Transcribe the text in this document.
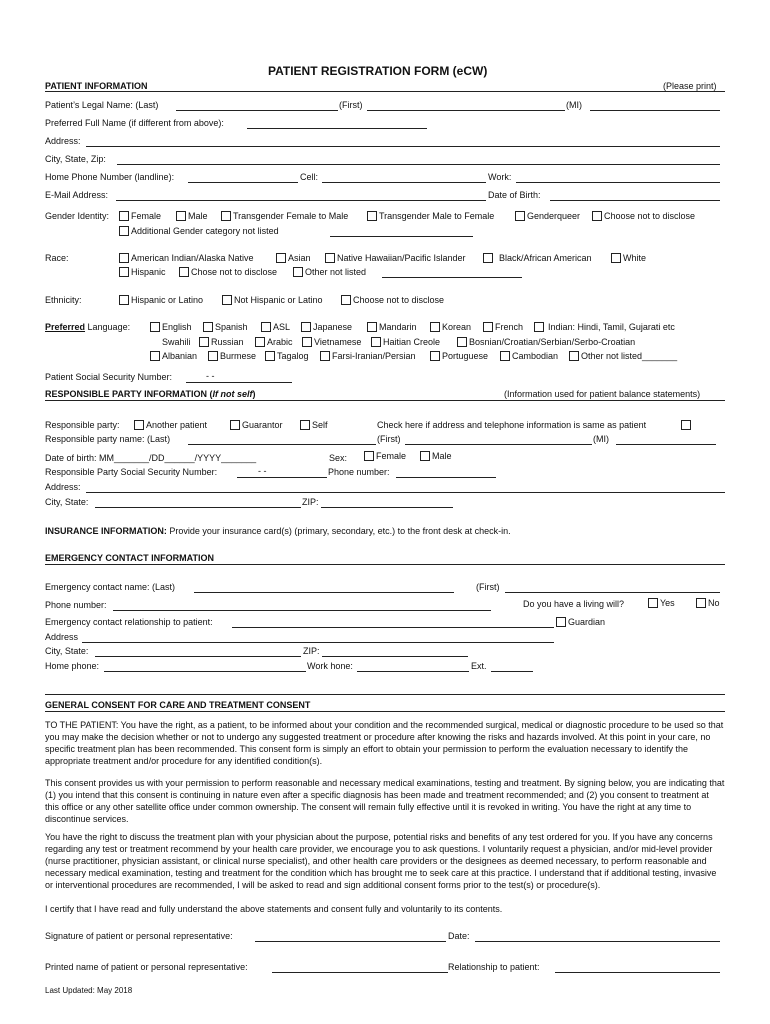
PATIENT REGISTRATION FORM (eCW)
PATIENT INFORMATION	(Please print)
Patient’s Legal Name: (Last)	(First)	(MI)
Preferred Full Name (if different from above):
Address:
City, State, Zip:
Home Phone Number (landline):	Cell:	Work:
E-Mail Address:	Date of Birth:
Gender Identity:	Female	Male	Transgender Female to Male	Transgender Male to Female	Genderqueer	Choose not to disclose
Additional Gender category not listed
Race:	American Indian/Alaska Native	Asian	Native Hawaiian/Pacific Islander	Black/African American	White
Hispanic	Chose not to disclose	Other not listed
Ethnicity:	Hispanic or Latino	Not Hispanic or Latino	Choose not to disclose
Preferred Language:	English	Spanish	ASL	Japanese	Mandarin	Korean	French	Indian: Hindi, Tamil, Gujarati etc
Swahili	Russian	Arabic	Vietnamese	Haitian Creole	Bosnian/Croatian/Serbian/Serbo-Croatian
Albanian	Burmese	Tagalog	Farsi-Iranian/Persian	Portuguese	Cambodian	Other not listed_______
Patient Social Security Number:	- -
RESPONSIBLE PARTY INFORMATION (If not self)	(Information used for patient balance statements)
Responsible party:	Another patient	Guarantor	Self	Check here if address and telephone information is same as patient
Responsible party name: (Last)	(First)	(MI)
Date of birth: MM_______/DD______/YYYY_______	Sex:	Female	Male
Responsible Party Social Security Number:	- -	Phone number:
Address:
City, State:	ZIP:
INSURANCE INFORMATION: Provide your insurance card(s) (primary, secondary, etc.) to the front desk at check-in.
EMERGENCY CONTACT INFORMATION
Emergency contact name: (Last)	(First)
Phone number:	Do you have a living will?	Yes	No
Emergency contact relationship to patient:	Guardian
Address
City, State:	ZIP:
Home phone:	Work hone:	Ext.
GENERAL CONSENT FOR CARE AND TREATMENT CONSENT
TO THE PATIENT: You have the right, as a patient, to be informed about your condition and the recommended surgical, medical or diagnostic procedure to be used so that you may make the decision whether or not to undergo any suggested treatment or procedure after knowing the risks and hazards involved. At this point in your care, no specific treatment plan has been recommended. This consent form is simply an effort to obtain your permission to perform the evaluation necessary to identify the appropriate treatment and/or procedure for any identified condition(s).
This consent provides us with your permission to perform reasonable and necessary medical examinations, testing and treatment. By signing below, you are indicating that (1) you intend that this consent is continuing in nature even after a specific diagnosis has been made and treatment recommended; and (2) you consent to treatment at this office or any other satellite office under common ownership. The consent will remain fully effective until it is revoked in writing. You have the right at any time to discontinue services.
You have the right to discuss the treatment plan with your physician about the purpose, potential risks and benefits of any test ordered for you. If you have any concerns regarding any test or treatment recommend by your health care provider, we encourage you to ask questions. I voluntarily request a physician, and/or mid-level provider (nurse practitioner, physician assistant, or clinical nurse specialist), and other health care providers or the designees as deemed necessary, to perform reasonable and necessary medical examination, testing and treatment for the condition which has brought me to seek care at this practice. I understand that if additional testing, invasive or interventional procedures are recommended, I will be asked to read and sign additional consent forms prior to the test(s) or procedure(s).
I certify that I have read and fully understand the above statements and consent fully and voluntarily to its contents.
Signature of patient or personal representative:	Date:
Printed name of patient or personal representative:	Relationship to patient:
Last Updated: May 2018
